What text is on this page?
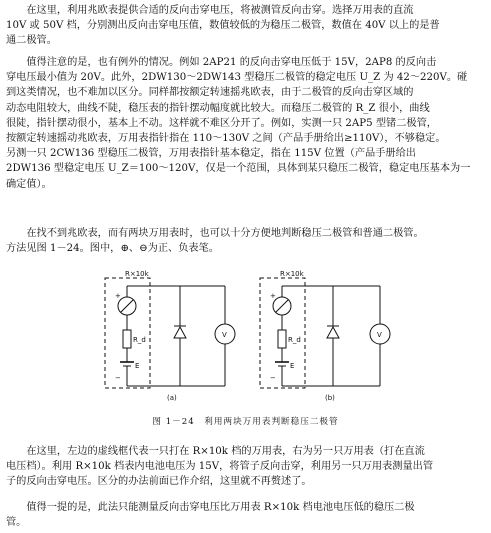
　　在这里，利用兆欧表提供合适的反向击穿电压，将被测管反向击穿。选择万用表的直流
10V 或 50V 档，分别测出反向击穿电压值，数值较低的为稳压二极管，数值在 40V 以上的是普
通二极管。
　　值得注意的是，也有例外的情况。例如 2AP21 的反向击穿电压低于 15V，2AP8 的反向击
穿电压最小值为 20V。此外，2DW130～2DW143 型稳压二极管的稳定电压 U_Z 为 42～220V。碰
到这类情况，也不难加以区分。同样都按额定转速摇兆欧表，由于二极管的反向击穿区域的
动态电阻较大，曲线不陡，稳压表的指针摆动幅度就比较大。而稳压二极管的 R_Z 很小，曲线
很陡，指针摆动很小，基本上不动。这样就不难区分开了。例如，实测一只 2AP5 型锗二极管，
按额定转速摇动兆欧表，万用表指针指在 110～130V 之间（产品手册给出≥110V），不够稳定。
另测一只 2CW136 型稳压二极管，万用表指针基本稳定，指在 115V 位置（产品手册给出
2DW136 型稳定电压 U_Z＝100～120V，仅是一个范围，具体到某只稳压二极管，稳定电压基本为一
确定值）。
　　在找不到兆欧表，而有两块万用表时，也可以十分方便地判断稳压二极管和普通二极管。
方法见图 1－24。图中，⊕、⊖为正、负表笔。
R×10k	R×10k
R_d	R_d
E	E
V	V
+
−
+
−
(a)	(b)
图 1－24　利用两块万用表判断稳压二极管
　　在这里，左边的虚线框代表一只打在 R×10k 档的万用表，右为另一只万用表（打在直流
电压档）。利用 R×10k 档表内电池电压为 15V，将管子反向击穿，利用另一只万用表测量出管
子的反向击穿电压。区分的办法前面已作介绍，这里就不再赘述了。
　　值得一提的是，此法只能测量反向击穿电压比万用表 R×10k 档电池电压低的稳压二极
管。
